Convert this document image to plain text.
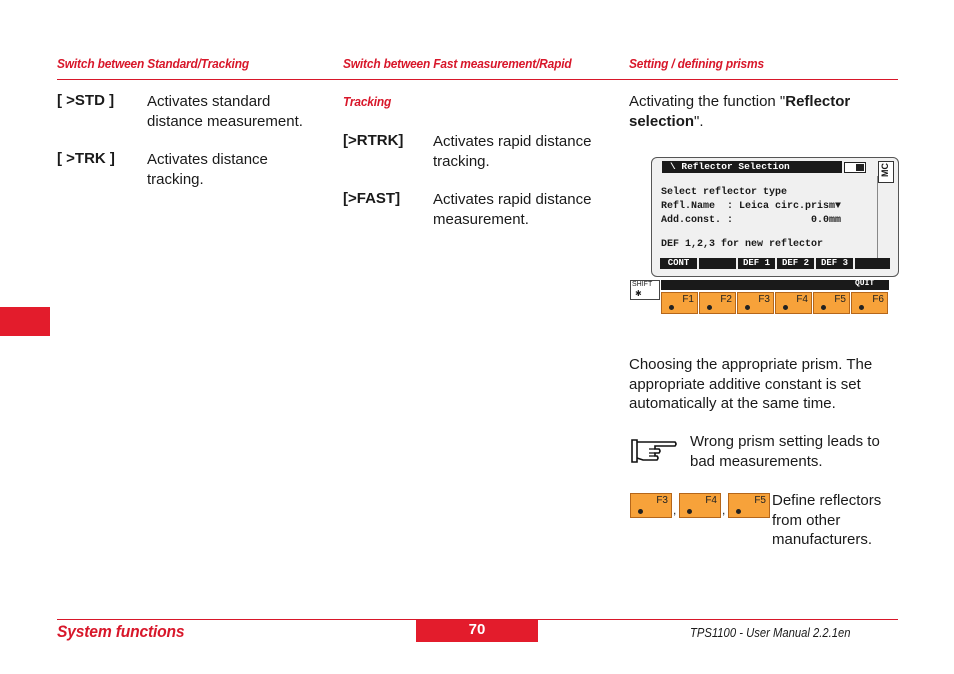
Switch between Standard/Tracking	Switch between Fast measurement/Rapid	Setting / defining prisms
[ >STD ] Activates standard distance measurement.
[ >TRK ] Activates distance tracking.
Tracking
[>RTRK] Activates rapid distance tracking.
[>FAST] Activates rapid distance measurement.
Activating the function "Reflector selection".
\ Reflector Selection	MC
Select reflector type
Refl.Name  : Leica circ.prism▼
Add.const. :             0.0mm
DEF 1,2,3 for new reflector
CONT	DEF 1	DEF 2	DEF 3
SHIFT
✱
QUIT
F1	F2	F3	F4	F5	F6
Choosing the appropriate prism. The appropriate additive constant is set automatically at the same time.
Wrong prism setting leads to bad measurements.
F3
,
F4
,
F5 Define reflectors from other manufacturers.
System functions	70	TPS1100 - User Manual 2.2.1en
